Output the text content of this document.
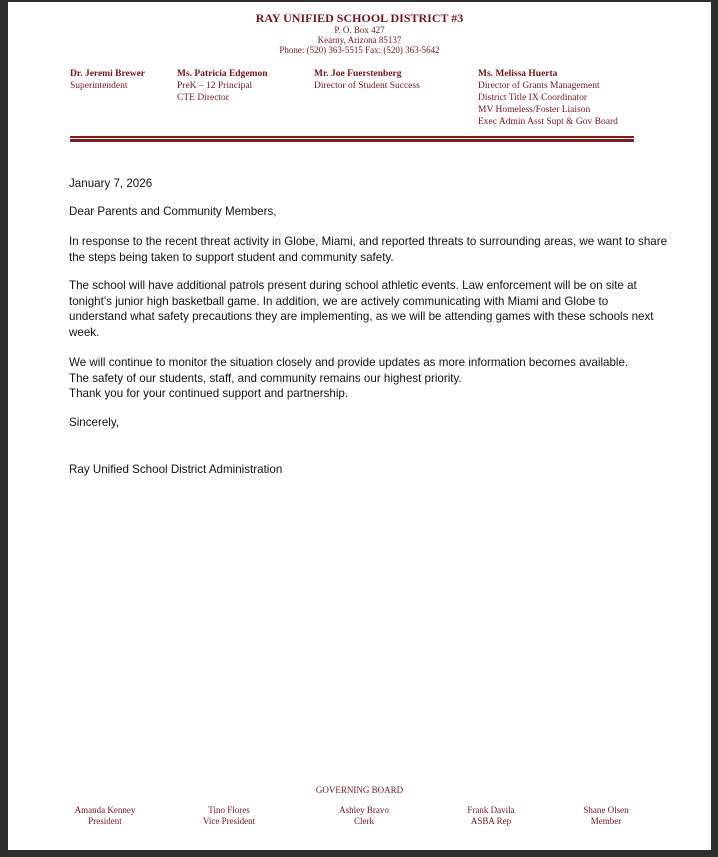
RAY UNIFIED SCHOOL DISTRICT #3
P. O. Box 427
Kearny, Arizona 85137
Phone: (520) 363-5515 Fax: (520) 363-5642
Dr. Jeremi Brewer
Superintendent
Ms. Patricia Edgemon
PreK – 12 Principal
CTE Director
Mr. Joe Fuerstenberg
Director of Student Success
Ms. Melissa Huerta
Director of Grants Management
District Title IX Coordinator
MV Homeless/Foster Liaison
Exec Admin Asst Supt & Gov Board
January 7, 2026
Dear Parents and Community Members,
In response to the recent threat activity in Globe, Miami, and reported threats to surrounding areas, we want to share the steps being taken to support student and community safety.
The school will have additional patrols present during school athletic events. Law enforcement will be on site at tonight’s junior high basketball game. In addition, we are actively communicating with Miami and Globe to understand what safety precautions they are implementing, as we will be attending games with these schools next week.

We will continue to monitor the situation closely and provide updates as more information becomes available.

The safety of our students, staff, and community remains our highest priority.

Thank you for your continued support and partnership.

Sincerely,
Ray Unified School District Administration
GOVERNING BOARD
Amanda Kenney
President
Tino Flores
Vice President
Ashley Bravo
Clerk
Frank Davila
ASBA Rep
Shane Olsen
Member
